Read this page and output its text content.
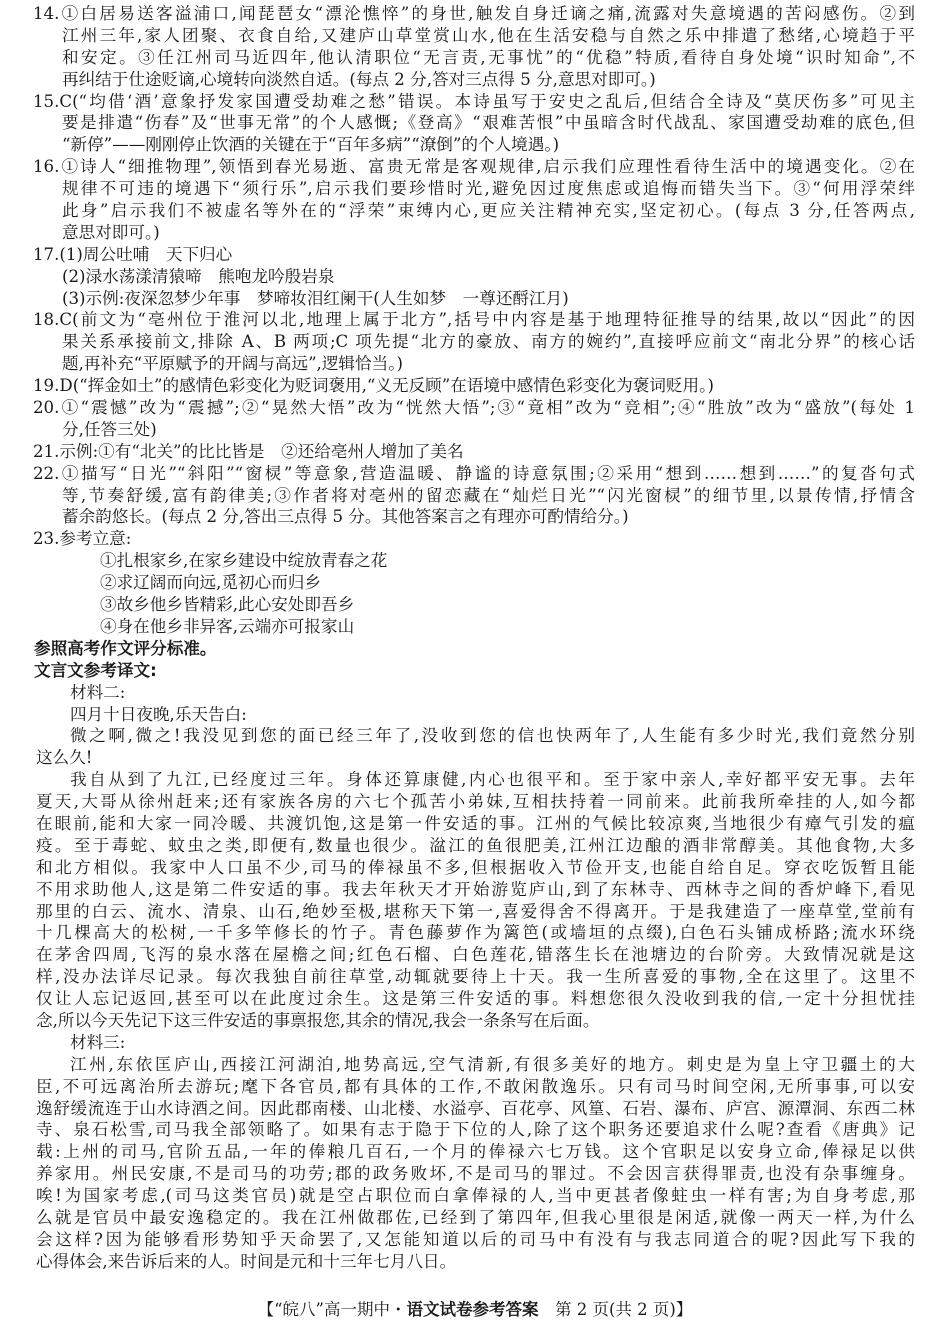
14.①白居易送客溢浦口,闻琵琶女“漂沦憔悴”的身世,触发自身迁谪之痛,流露对失意境遇的苦闷感伤。②到
江州三年,家人团聚、衣食自给,又建庐山草堂赏山水,他在生活安稳与自然之乐中排遣了愁绪,心境趋于平
和安定。③任江州司马近四年,他认清职位“无言责,无事忧”的“优稳”特质,看待自身处境“识时知命”,不
再纠结于仕途贬谪,心境转向淡然自适。(每点 2 分,答对三点得 5 分,意思对即可。)
15.C(“均借‘酒’意象抒发家国遭受劫难之愁”错误。本诗虽写于安史之乱后,但结合全诗及“莫厌伤多”可见主
要是排遣“伤春”及“世事无常”的个人感慨;《登高》“艰难苦恨”中虽暗含时代战乱、家国遭受劫难的底色,但
“新停”——刚刚停止饮酒的关键在于“百年多病”“潦倒”的个人境遇。)
16.①诗人“细推物理”,领悟到春光易逝、富贵无常是客观规律,启示我们应理性看待生活中的境遇变化。②在
规律不可违的境遇下“须行乐”,启示我们要珍惜时光,避免因过度焦虑或追悔而错失当下。③“何用浮荣绊
此身”启示我们不被虚名等外在的“浮荣”束缚内心,更应关注精神充实,坚定初心。(每点 3 分,任答两点,
意思对即可。)
17.(1)周公吐哺　天下归心
(2)渌水荡漾清猿啼　熊咆龙吟殷岩泉
(3)示例:夜深忽梦少年事　梦啼妆泪红阑干(人生如梦　一尊还酹江月)
18.C(前文为“亳州位于淮河以北,地理上属于北方”,括号中内容是基于地理特征推导的结果,故以“因此”的因
果关系承接前文,排除 A、B 两项;C 项先提“北方的豪放、南方的婉约”,直接呼应前文“南北分界”的核心话
题,再补充“平原赋予的开阔与高远”,逻辑恰当。)
19.D(“挥金如土”的感情色彩变化为贬词褒用,“义无反顾”在语境中感情色彩变化为褒词贬用。)
20.①“震憾”改为“震撼”;②“晃然大悟”改为“恍然大悟”;③“竟相”改为“竞相”;④“胜放”改为“盛放”(每处 1
分,任答三处)
21.示例:①有“北关”的比比皆是　②还给亳州人增加了美名
22.①描写“日光”“斜阳”“窗棂”等意象,营造温暖、静谧的诗意氛围;②采用“想到……想到……”的复沓句式
等,节奏舒缓,富有韵律美;③作者将对亳州的留恋藏在“灿烂日光”“闪光窗棂”的细节里,以景传情,抒情含
蓄余韵悠长。(每点 2 分,答出三点得 5 分。其他答案言之有理亦可酌情给分。)
23.参考立意:
①扎根家乡,在家乡建设中绽放青春之花
②求辽阔而向远,觅初心而归乡
③故乡他乡皆精彩,此心安处即吾乡
④身在他乡非异客,云端亦可报家山
参照高考作文评分标准。
文言文参考译文:
材料二:
四月十日夜晚,乐天告白:
微之啊,微之!我没见到您的面已经三年了,没收到您的信也快两年了,人生能有多少时光,我们竟然分别
这么久!
我自从到了九江,已经度过三年。身体还算康健,内心也很平和。至于家中亲人,幸好都平安无事。去年
夏天,大哥从徐州赶来;还有家族各房的六七个孤苦小弟妹,互相扶持着一同前来。此前我所牵挂的人,如今都
在眼前,能和大家一同冷暖、共渡饥饱,这是第一件安适的事。江州的气候比较凉爽,当地很少有瘴气引发的瘟
疫。至于毒蛇、蚊虫之类,即便有,数量也很少。湓江的鱼很肥美,江州江边酿的酒非常醇美。其他食物,大多
和北方相似。我家中人口虽不少,司马的俸禄虽不多,但根据收入节俭开支,也能自给自足。穿衣吃饭暂且能
不用求助他人,这是第二件安适的事。我去年秋天才开始游览庐山,到了东林寺、西林寺之间的香炉峰下,看见
那里的白云、流水、清泉、山石,绝妙至极,堪称天下第一,喜爱得舍不得离开。于是我建造了一座草堂,堂前有
十几棵高大的松树,一千多竿修长的竹子。青色藤萝作为篱笆(或墙垣的点缀),白色石头铺成桥路;流水环绕
在茅舍四周,飞泻的泉水落在屋檐之间;红色石榴、白色莲花,错落生长在池塘边的台阶旁。大致情况就是这
样,没办法详尽记录。每次我独自前往草堂,动辄就要待上十天。我一生所喜爱的事物,全在这里了。这里不
仅让人忘记返回,甚至可以在此度过余生。这是第三件安适的事。料想您很久没收到我的信,一定十分担忧挂
念,所以今天先记下这三件安适的事禀报您,其余的情况,我会一条条写在后面。
材料三:
江州,东依匡庐山,西接江河湖泊,地势高远,空气清新,有很多美好的地方。刺史是为皇上守卫疆土的大
臣,不可远离治所去游玩;麾下各官员,都有具体的工作,不敢闲散逸乐。只有司马时间空闲,无所事事,可以安
逸舒缓流连于山水诗酒之间。因此郡南楼、山北楼、水溢亭、百花亭、风篁、石岩、瀑布、庐宫、源潭洞、东西二林
寺、泉石松雪,司马我全部领略了。如果有志于隐于下位的人,除了这个职务还要追求什么呢?查看《唐典》记
载:上州的司马,官阶五品,一年的俸粮几百石,一个月的俸禄六七万钱。这个官职足以安身立命,俸禄足以供
养家用。州民安康,不是司马的功劳;郡的政务败坏,不是司马的罪过。不会因言获得罪责,也没有杂事缠身。
唉!为国家考虑,(司马这类官员)就是空占职位而白拿俸禄的人,当中更甚者像蛀虫一样有害;为自身考虑,那
么就是官员中最安逸稳定的。我在江州做郡佐,已经到了第四年,但我心里很是闲适,就像一两天一样,为什么
会这样?因为能够看形势知乎天命罢了,又怎能知道以后的司马中有没有与我志同道合的呢?因此写下我的
心得体会,来告诉后来的人。时间是元和十三年七月八日。
【“皖八”高一期中・语文试卷参考答案　第 2 页(共 2 页)】
